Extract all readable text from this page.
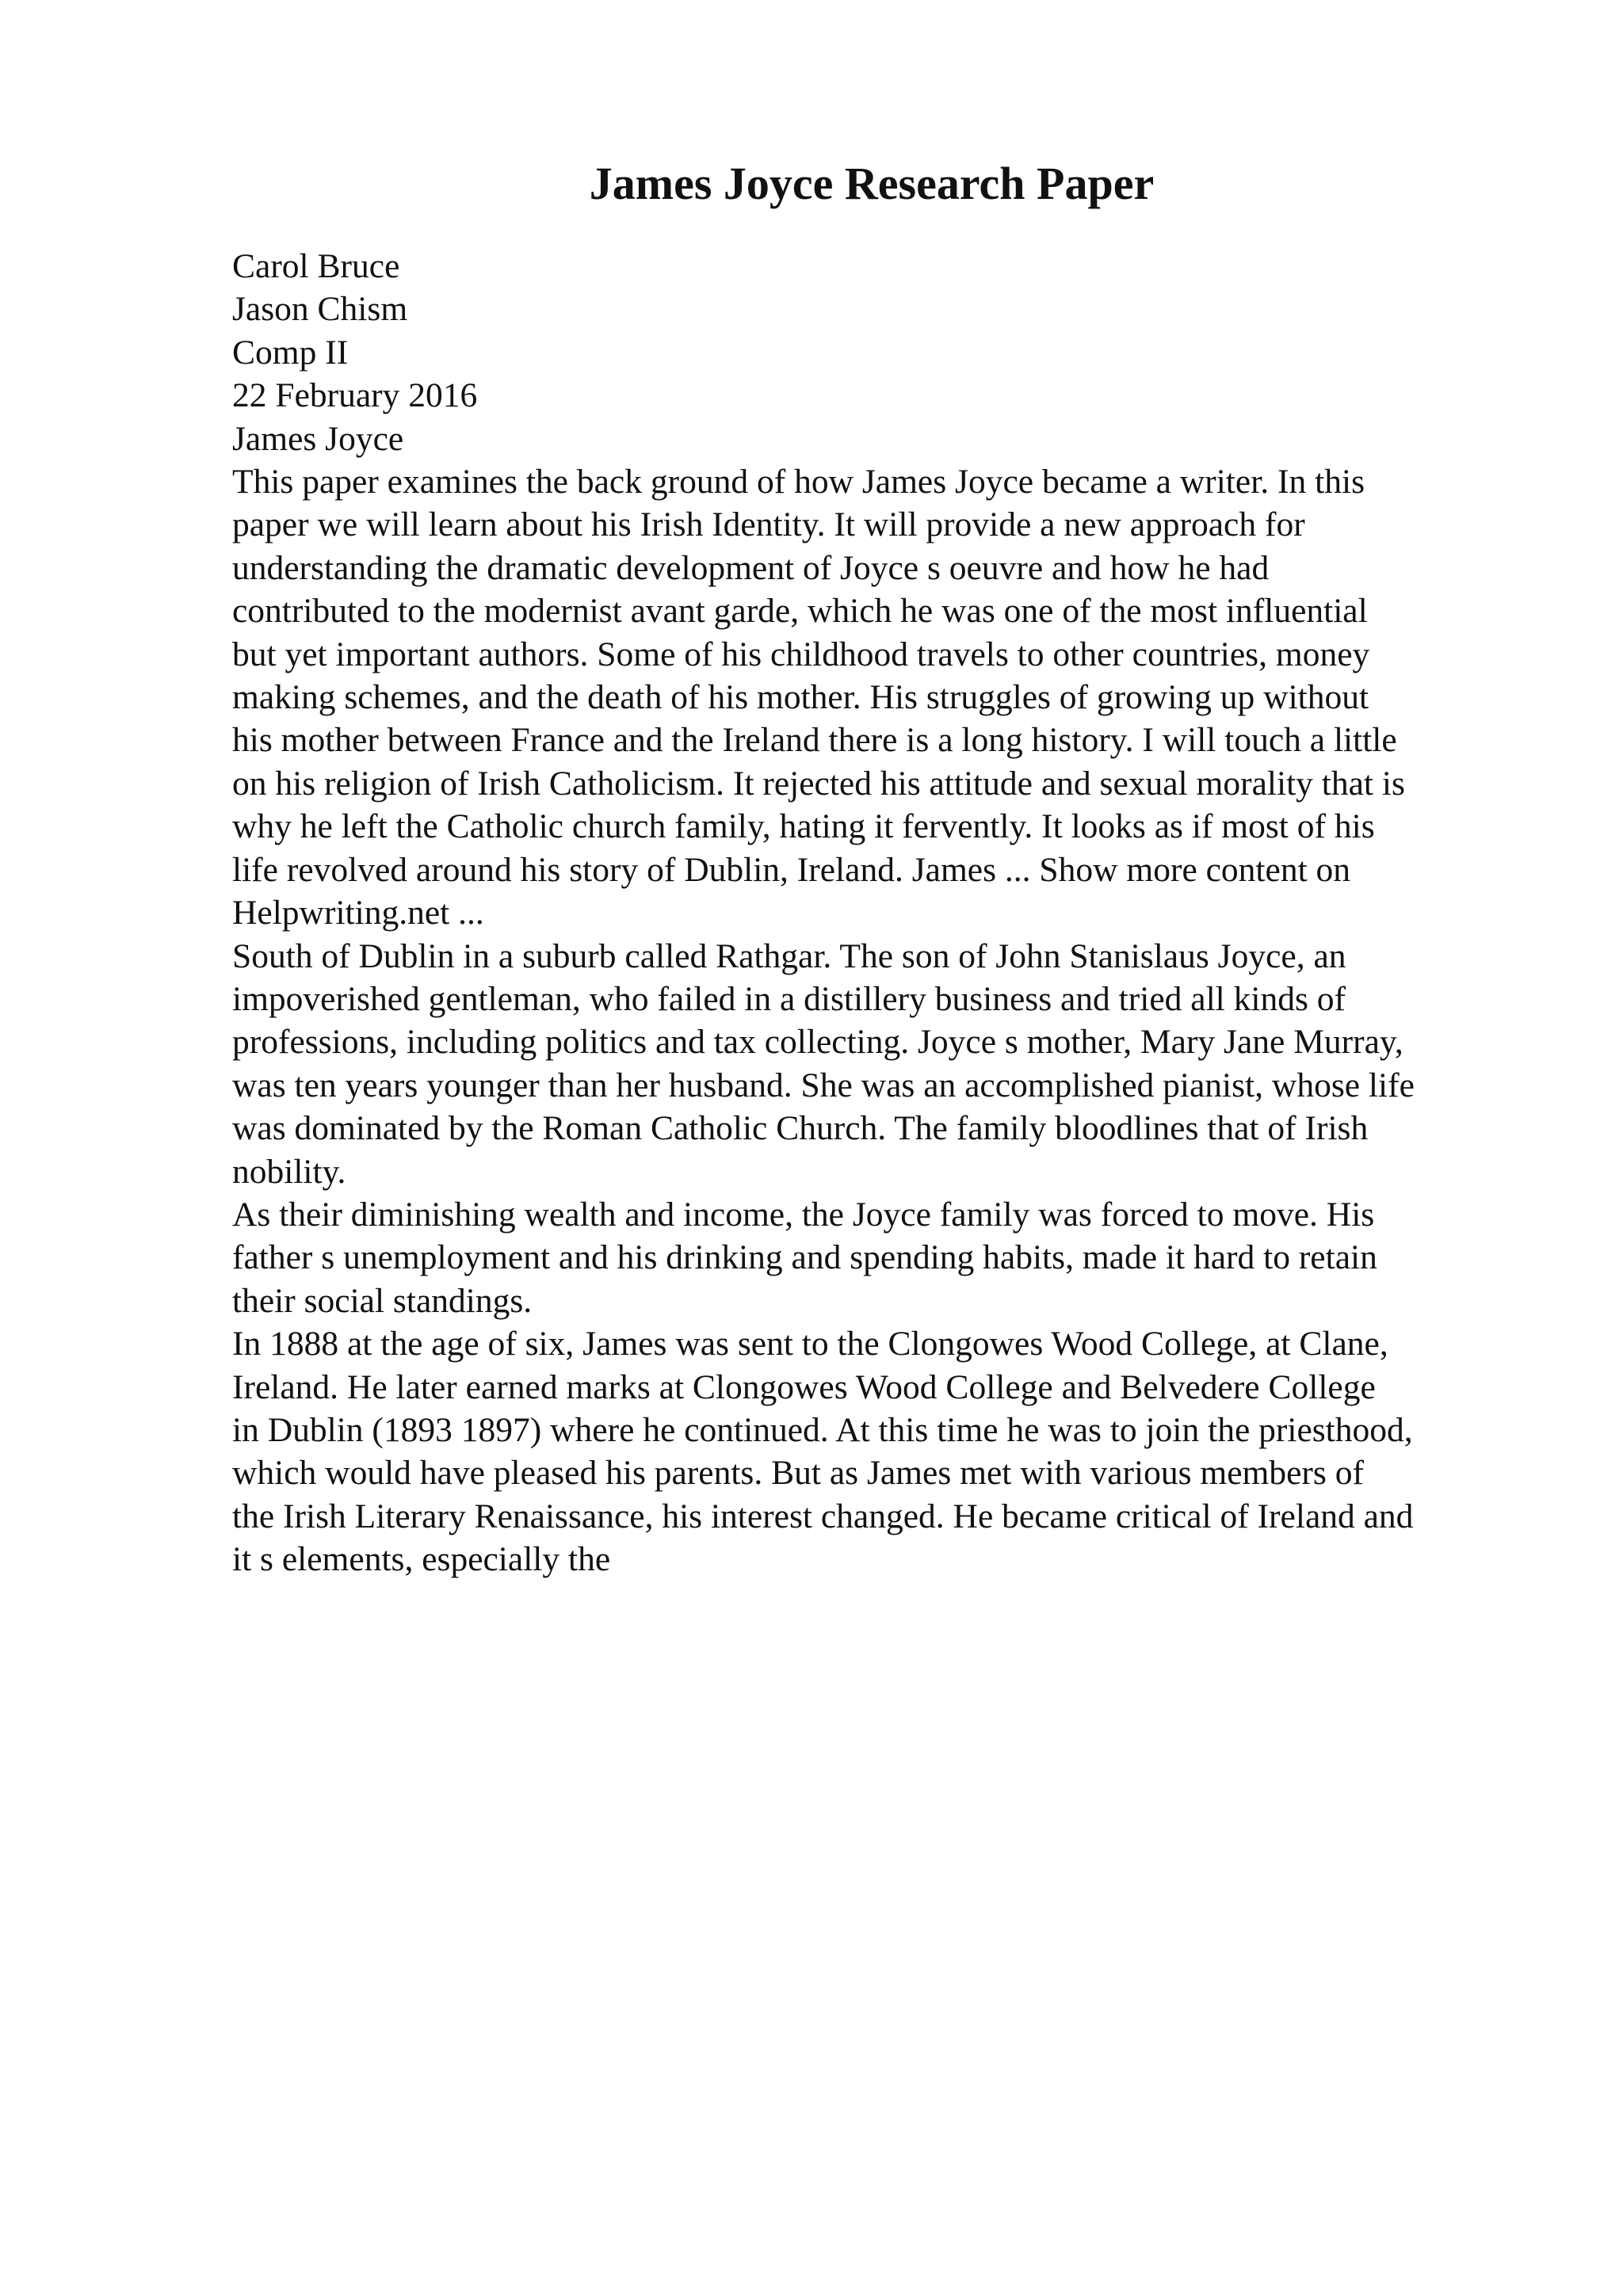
James Joyce Research Paper
Carol Bruce
Jason Chism
Comp II
22 February 2016
James Joyce
This paper examines the back ground of how James Joyce became a writer. In this
paper we will learn about his Irish Identity. It will provide a new approach for
understanding the dramatic development of Joyce s oeuvre and how he had
contributed to the modernist avant garde, which he was one of the most influential
but yet important authors. Some of his childhood travels to other countries, money
making schemes, and the death of his mother. His struggles of growing up without
his mother between France and the Ireland there is a long history. I will touch a little
on his religion of Irish Catholicism. It rejected his attitude and sexual morality that is
why he left the Catholic church family, hating it fervently. It looks as if most of his
life revolved around his story of Dublin, Ireland. James ... Show more content on
Helpwriting.net ...
South of Dublin in a suburb called Rathgar. The son of John Stanislaus Joyce, an
impoverished gentleman, who failed in a distillery business and tried all kinds of
professions, including politics and tax collecting. Joyce s mother, Mary Jane Murray,
was ten years younger than her husband. She was an accomplished pianist, whose life
was dominated by the Roman Catholic Church. The family bloodlines that of Irish
nobility.
As their diminishing wealth and income, the Joyce family was forced to move. His
father s unemployment and his drinking and spending habits, made it hard to retain
their social standings.
In 1888 at the age of six, James was sent to the Clongowes Wood College, at Clane,
Ireland. He later earned marks at Clongowes Wood College and Belvedere College
in Dublin (1893 1897) where he continued. At this time he was to join the priesthood,
which would have pleased his parents. But as James met with various members of
the Irish Literary Renaissance, his interest changed. He became critical of Ireland and
it s elements, especially the
